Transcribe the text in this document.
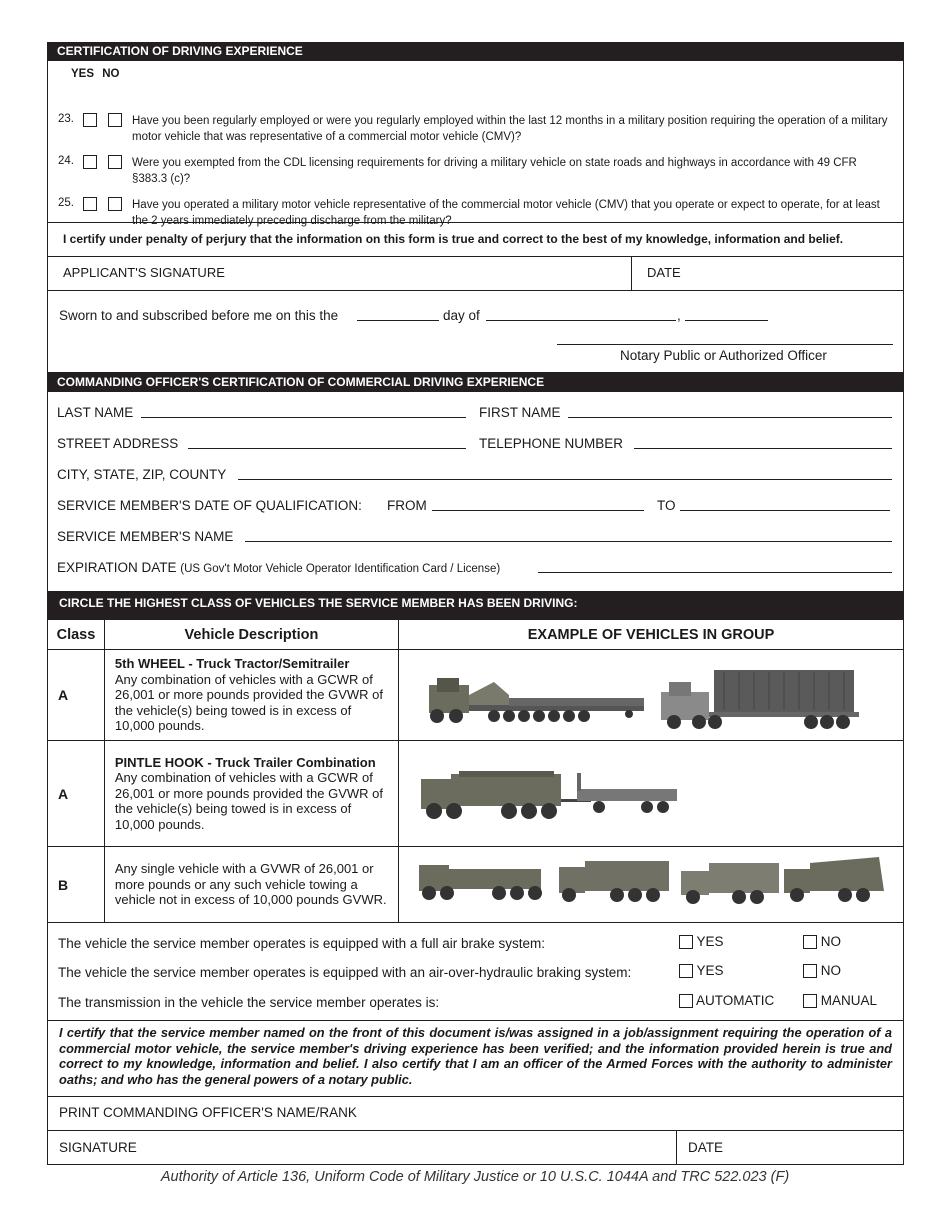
CERTIFICATION OF DRIVING EXPERIENCE
YES NO
23.	Have you been regularly employed or were you regularly employed within the last 12 months in a military position requiring the operation of a military motor vehicle that was representative of a commercial motor vehicle (CMV)?
24.	Were you exempted from the CDL licensing requirements for driving a military vehicle on state roads and highways in accordance with 49 CFR §383.3 (c)?
25.	Have you operated a military motor vehicle representative of the commercial motor vehicle (CMV) that you operate or expect to operate, for at least the 2 years immediately preceding discharge from the military?
I certify under penalty of perjury that the information on this form is true and correct to the best of my knowledge, information and belief.
APPLICANT'S SIGNATURE	DATE
Sworn to and subscribed before me on this the	day of	,
Notary Public or Authorized Officer
COMMANDING OFFICER'S CERTIFICATION OF COMMERCIAL DRIVING EXPERIENCE
LAST NAME	FIRST NAME
STREET ADDRESS	TELEPHONE NUMBER
CITY, STATE, ZIP, COUNTY
SERVICE MEMBER'S DATE OF QUALIFICATION: FROM	TO
SERVICE MEMBER'S NAME
EXPIRATION DATE (US Gov't Motor Vehicle Operator Identification Card / License)
CIRCLE THE HIGHEST CLASS OF VEHICLES THE SERVICE MEMBER HAS BEEN DRIVING:
Class	Vehicle Description	EXAMPLE OF VEHICLES IN GROUP
A	5th WHEEL - Truck Tractor/Semitrailer
Any combination of vehicles with a GCWR of 26,001 or more pounds provided the GVWR of the vehicle(s) being towed is in excess of 10,000 pounds.	
A	PINTLE HOOK - Truck Trailer Combination
Any combination of vehicles with a GCWR of 26,001 or more pounds provided the GVWR of the vehicle(s) being towed is in excess of 10,000 pounds.	
B	Any single vehicle with a GVWR of 26,001 or more pounds or any such vehicle towing a vehicle not in excess of 10,000 pounds GVWR.	
The vehicle the service member operates is equipped with a full air brake system:	YES	NO
The vehicle the service member operates is equipped with an air-over-hydraulic braking system:	YES	NO
The transmission in the vehicle the service member operates is:	AUTOMATIC	MANUAL
I certify that the service member named on the front of this document is/was assigned in a job/assignment requiring the operation of a commercial motor vehicle, the service member's driving experience has been verified; and the information provided herein is true and correct to my knowledge, information and belief. I also certify that I am an officer of the Armed Forces with the authority to administer oaths; and who has the general powers of a notary public.
PRINT COMMANDING OFFICER'S NAME/RANK
SIGNATURE	DATE
Authority of Article 136, Uniform Code of Military Justice or 10 U.S.C. 1044A and TRC 522.023 (F)
